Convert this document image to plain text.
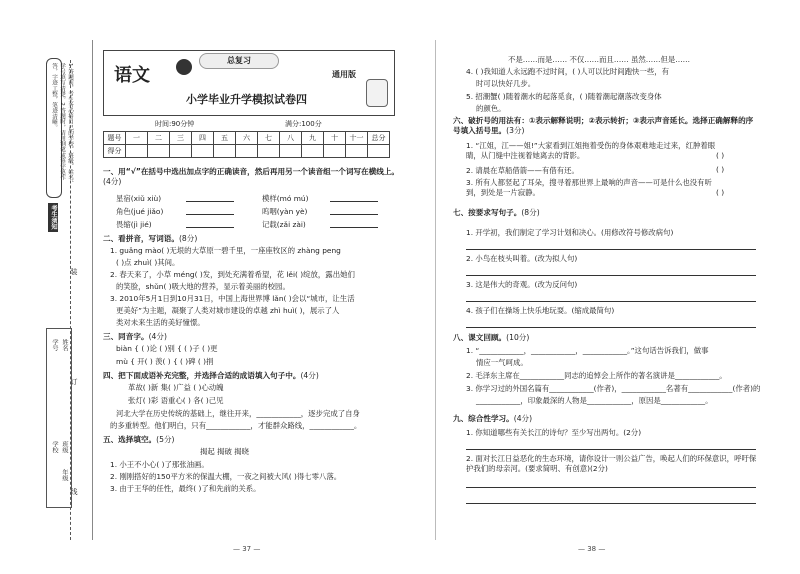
1.答题前，考生务必将自己的学校、班级、姓名、学号填写清楚。2.答题时，请用钢笔或签字笔作答，字迹工整，笔迹清晰。
考生须知
装
订
线
学校 班级
年级
学号 姓名
语文
总复习
通用版
小学毕业升学模拟试卷四
时间:90分钟	满分:100分
题号	一	二	三	四	五	六	七	八	九	十	十一	总分
得分												
一、用“√”在括号中选出加点字的正确读音，然后再用另一个读音组一个词写在横线上。(4分)
星宿(xiǔ xiù)	模样(mó mú)
角色(jué jiǎo)	呜咽(yàn yè)
畏缩(jì jié)	记载(zǎi zài)
二、看拼音，写词语。(8分)
1. guǎng mào( )无垠的大草原一碧千里，一座座牧区的 zhàng peng
( )点 zhuì( )其间。
2. 春天来了，小草 méng( )发，到处充满着希望，花 lěi( )绽放，露出她们
的笑脸，shǔn( )吸大地的营养，显示着美丽的校园。
3. 2010年5月1日到10月31日，中国上海世界博 lǎn( )会以“城市，让生活
更美好”为主题，凝聚了人类对城市建设的卓越 zhì huì( )，展示了人
类对未来生活的美好憧憬。
三、同音字。(4分)
biàn { ( )论 ( )别 { ( )子 ( )更
mù { 开( ) 羡( ) { ( )碑 ( )捐
四、把下面成语补充完整，并选择合适的成语填入句子中。(4分)
革故( )新 集( )广益 ( )心动魄
张灯( )彩 语重心( ) 各( )己见
河北大学在历史传统的基础上，继往开来，____________，逐步完成了自身
的多重转型。他们明白，只有____________，才能群众路线，____________。
五、选择填空。(5分)
揭起 揭破 揭晓
1. 小王不小心( )了那张油画。
2. 刚刚搭好的150平方米的保温大棚，一夜之间被大风( )得七零八落。
3. 由于王华的任性，最终( )了和先前的关系。
— 37 —
不是……而是…… 不仅……而且…… 虽然……但是……
4. ( )我知道人永远跑不过时间，( )人可以比时间跑快一些，有
时可以快好几步。
5. 招潮蟹( )随着潮水的起落觅食，( )随着潮起潮落改变身体
的颜色。
六、破折号的用法有：①表示解释说明；②表示转折；③表示声音延长。选择正确解释的序号填入括号里。(3分)
1. “江姐，江——姐!”大家看到江姐拖着受伤的身体艰难地走过来，红肿着眼睛，从门缝中注视着她离去的背影。	( )
2. 请晨在草船借箭——有借有还。	( )
3. 所有人都竖起了耳朵，搜寻着那世界上最响的声音——可是什么也没有听到，到处是一片寂静。	( )
七、按要求写句子。(8分)
1. 开学初，我们制定了学习计划和决心。(用修改符号修改病句)
2. 小鸟在枝头叫着。(改为拟人句)
3. 这是伟大的奇观。(改为反问句)
4. 孩子们在操场上快乐地玩耍。(缩成最简句)
八、课文回顾。(10分)
1. “____________，____________，____________。”这句话告诉我们，做事
情应一气呵成。
2. 毛泽东主席在____________同志的追悼会上所作的著名演讲是____________。
3. 你学习过的外国名篇有____________(作者)，____________名著有____________(作者)的
____________，印象最深的人物是____________，原因是____________。
九、综合性学习。(4分)
1. 你知道哪些有关长江的诗句？至少写出两句。(2分)
2. 面对长江日益恶化的生态环境，请你设计一则公益广告，唤起人们的环保意识，呼吁保护我们的母亲河。(要求简明、有创意)(2分)
— 38 —
